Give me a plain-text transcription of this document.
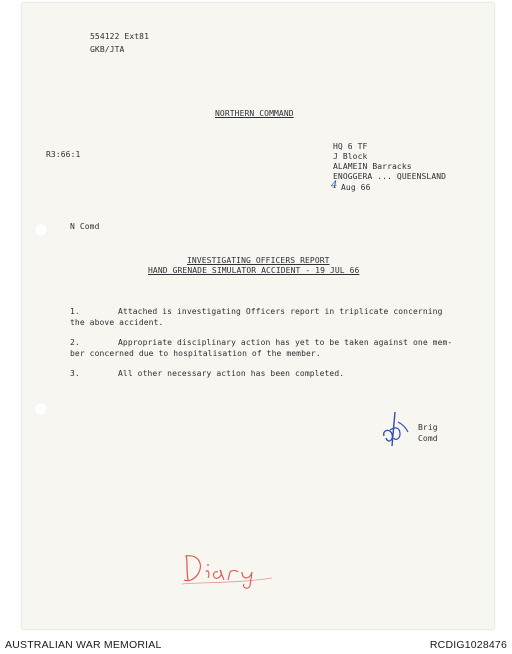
554122 Ext81
GKB/JTA
NORTHERN COMMAND
R3:66:1
HQ 6 TF
J Block
ALAMEIN Barracks
ENOGGERA ... QUEENSLAND
4 Aug 66
N Comd
INVESTIGATING OFFICERS REPORT
HAND GRENADE SIMULATOR ACCIDENT - 19 JUL 66
1.	Attached is investigating Officers report in triplicate concerning
the above accident.
2.	Appropriate disciplinary action has yet to be taken against one mem-
ber concerned due to hospitalisation of the member.
3.	All other necessary action has been completed.
Brig
Comd
AUSTRALIAN WAR MEMORIAL	RCDIG1028476
